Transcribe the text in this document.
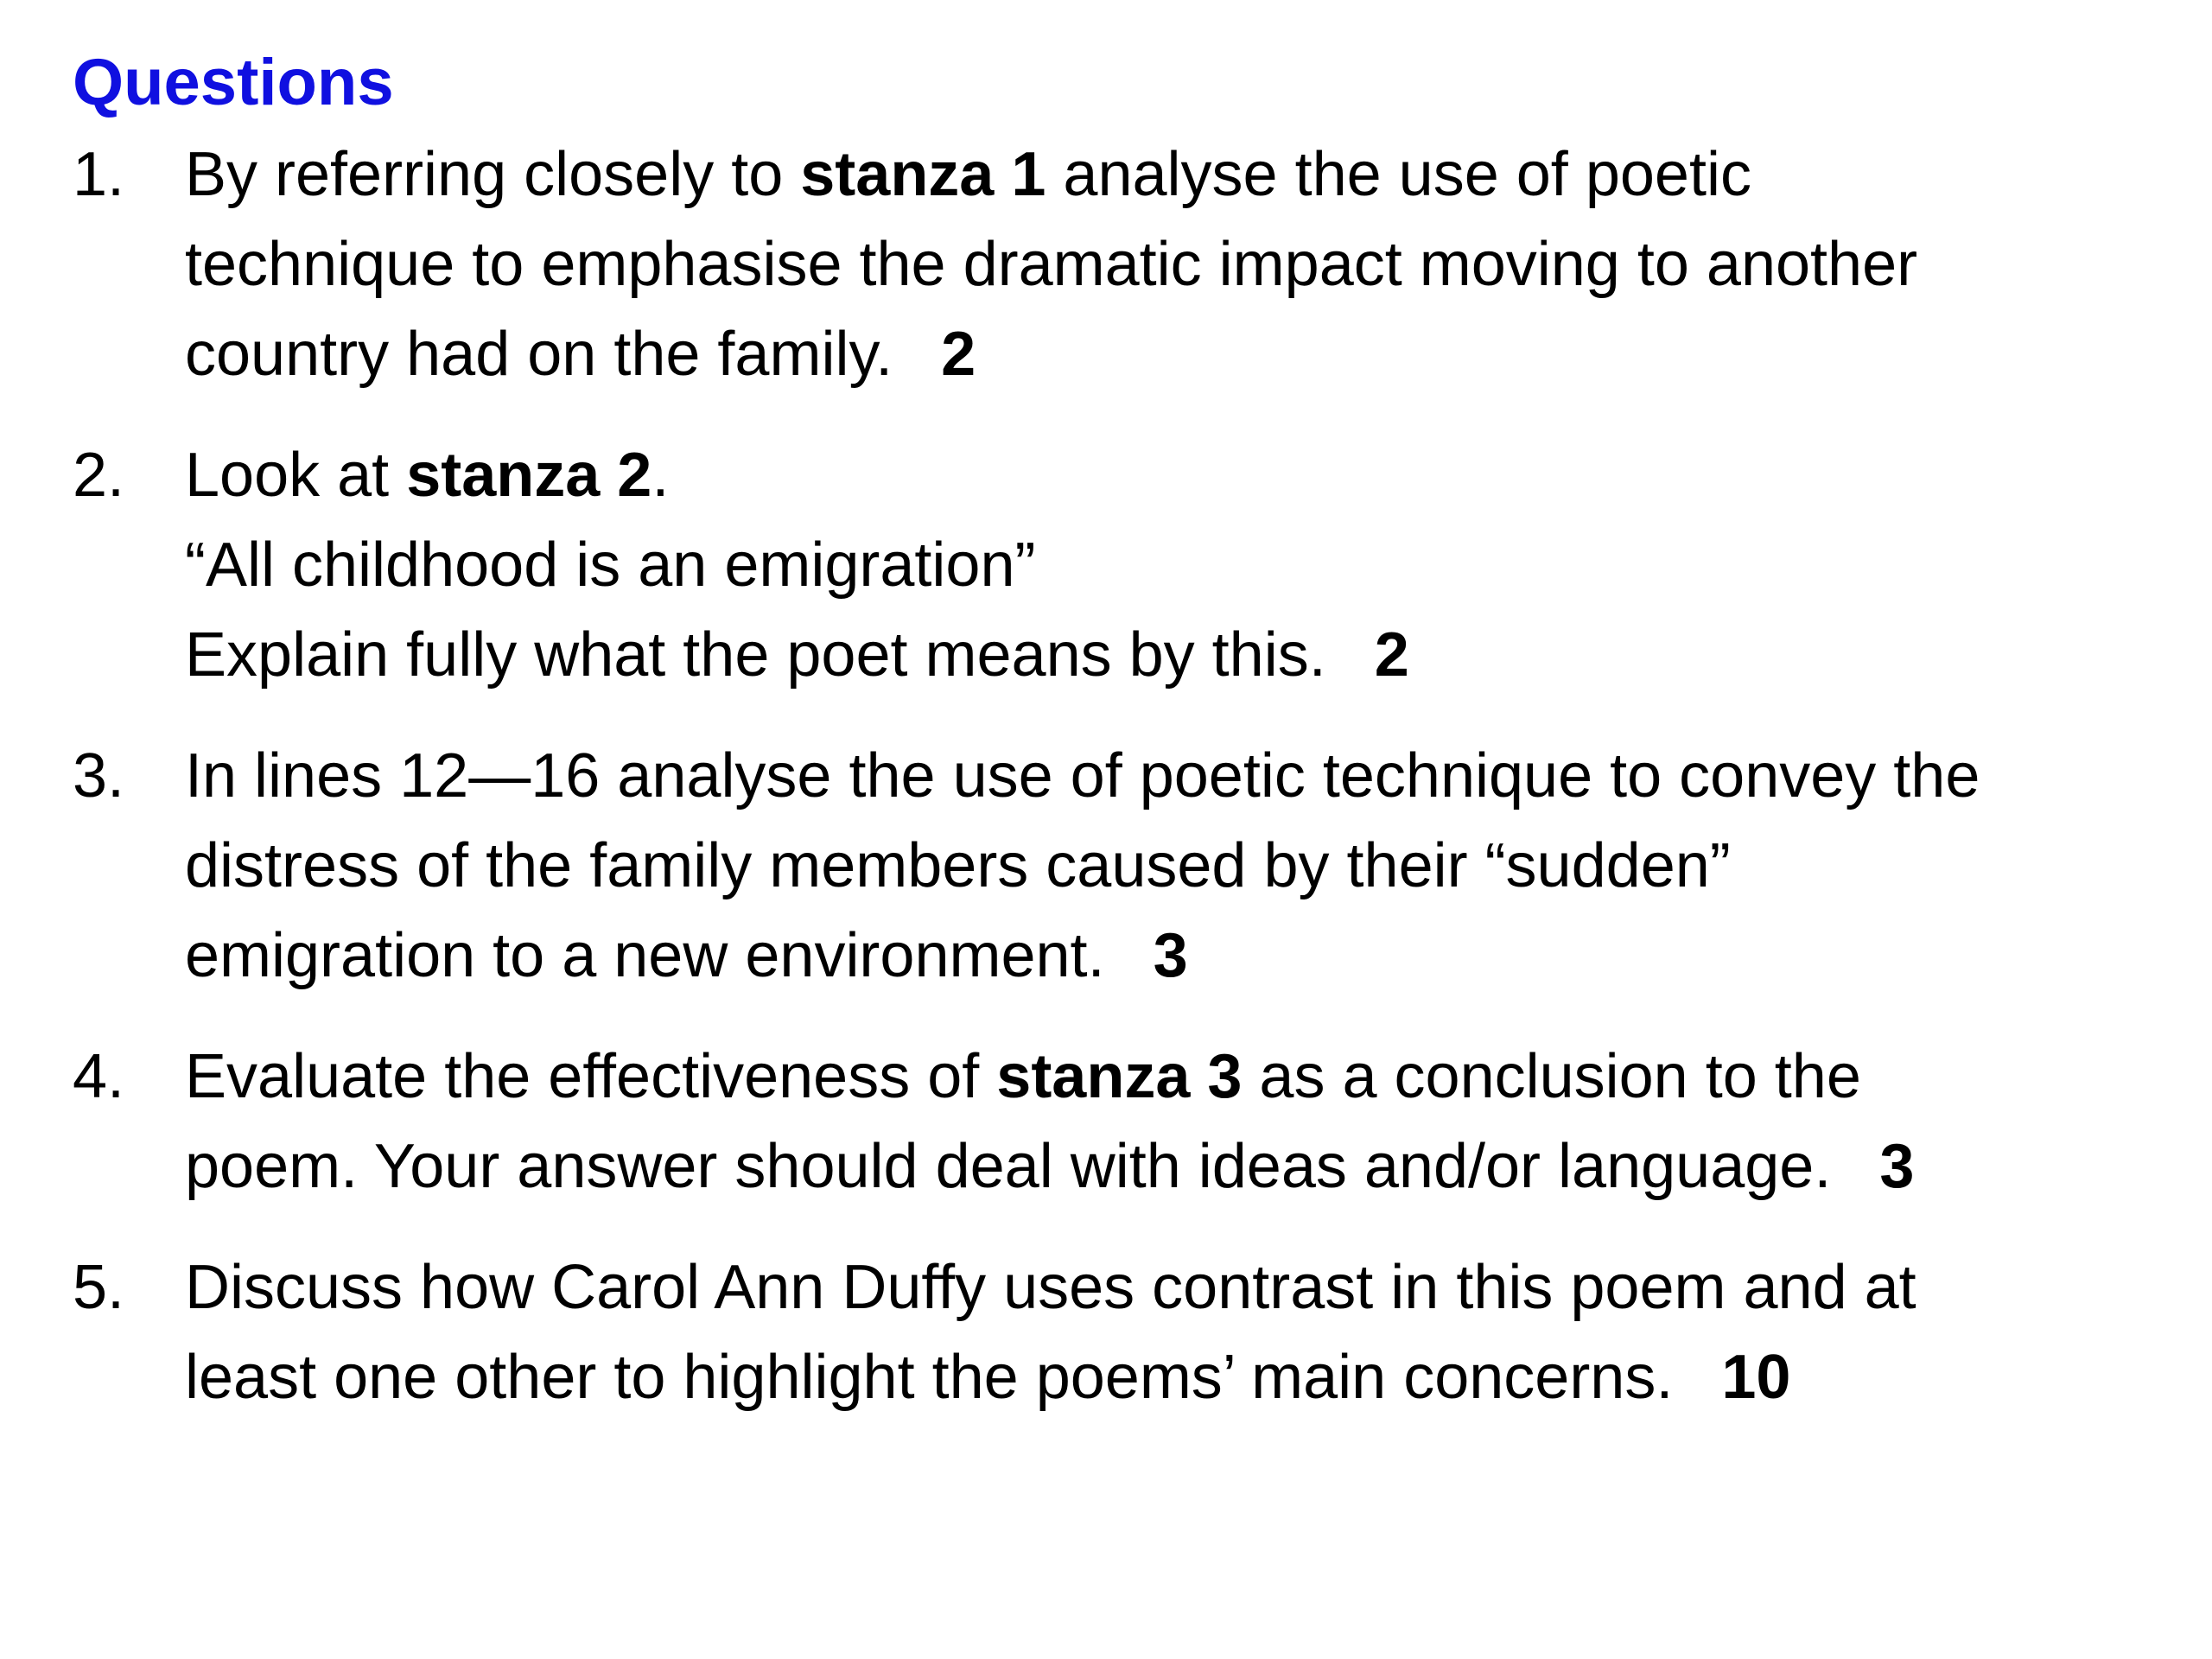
Questions
1. By referring closely to stanza 1 analyse the use of poetic
technique to emphasise the dramatic impact moving to another
country had on the family. 2
2. Look at stanza 2.
“All childhood is an emigration”
Explain fully what the poet means by this. 2
3. In lines 12—16 analyse the use of poetic technique to convey the
distress of the family members caused by their “sudden”
emigration to a new environment. 3
4. Evaluate the effectiveness of stanza 3 as a conclusion to the
poem. Your answer should deal with ideas and/or language. 3
5. Discuss how Carol Ann Duffy uses contrast in this poem and at
least one other to highlight the poems’ main concerns. 10
